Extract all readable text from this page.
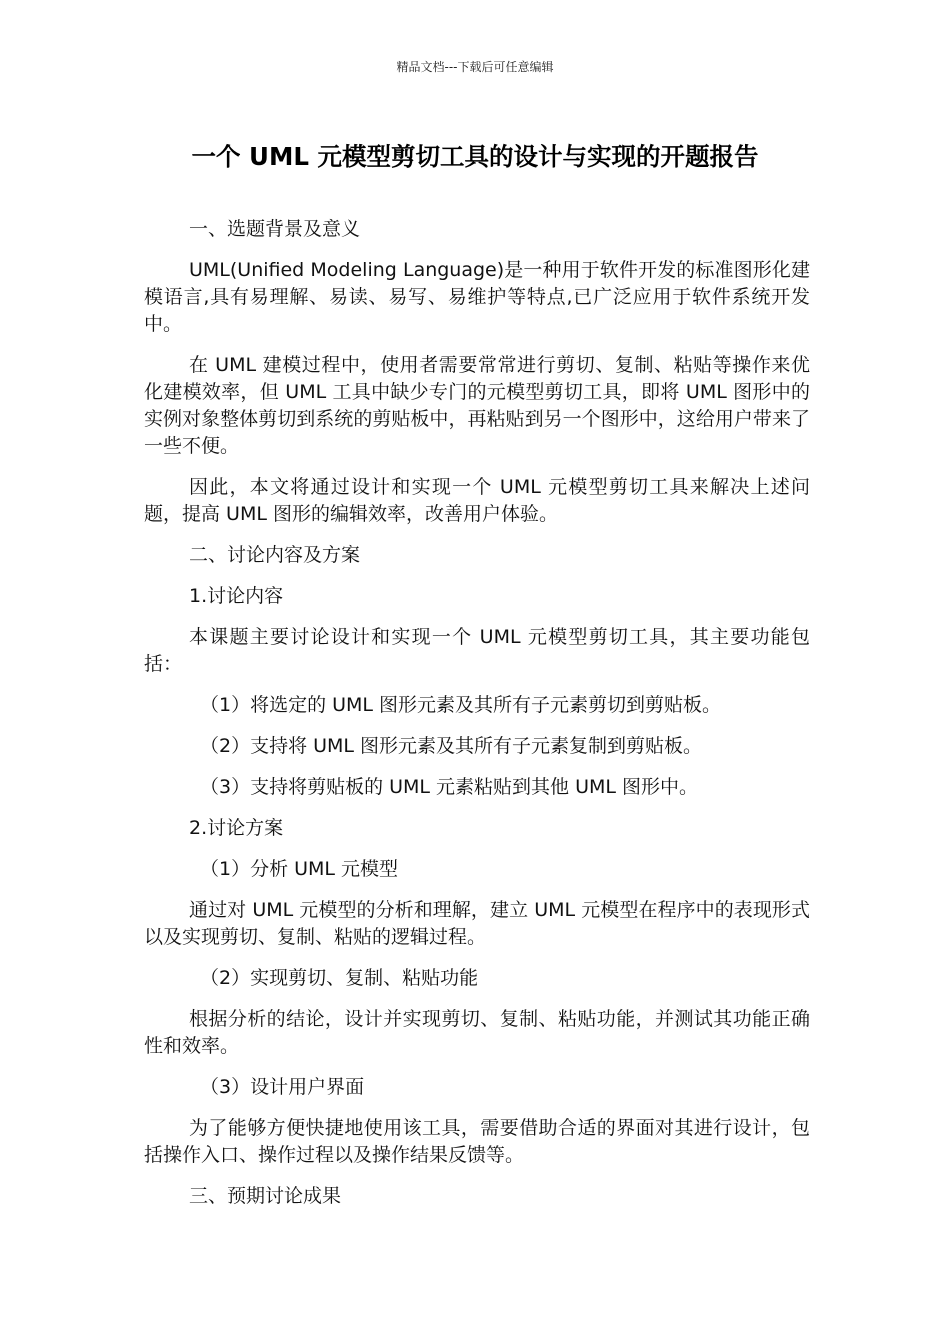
精品文档---下载后可任意编辑
一个 UML 元模型剪切工具的设计与实现的开题报告

一、选题背景及意义

UML(Unified Modeling Language)是一种用于软件开发的标准图形化建模语言,具有易理解、易读、易写、易维护等特点,已广泛应用于软件系统开发中。

在 UML 建模过程中，使用者需要常常进行剪切、复制、粘贴等操作来优化建模效率，但 UML 工具中缺少专门的元模型剪切工具，即将 UML 图形中的实例对象整体剪切到系统的剪贴板中，再粘贴到另一个图形中，这给用户带来了一些不便。

因此，本文将通过设计和实现一个 UML 元模型剪切工具来解决上述问题，提高 UML 图形的编辑效率，改善用户体验。

二、讨论内容及方案

1.讨论内容

本课题主要讨论设计和实现一个 UML 元模型剪切工具，其主要功能包括：

（1）将选定的 UML 图形元素及其所有子元素剪切到剪贴板。

（2）支持将 UML 图形元素及其所有子元素复制到剪贴板。

（3）支持将剪贴板的 UML 元素粘贴到其他 UML 图形中。

2.讨论方案

（1）分析 UML 元模型

通过对 UML 元模型的分析和理解，建立 UML 元模型在程序中的表现形式以及实现剪切、复制、粘贴的逻辑过程。

（2）实现剪切、复制、粘贴功能

根据分析的结论，设计并实现剪切、复制、粘贴功能，并测试其功能正确性和效率。

（3）设计用户界面

为了能够方便快捷地使用该工具，需要借助合适的界面对其进行设计，包括操作入口、操作过程以及操作结果反馈等。

三、预期讨论成果
